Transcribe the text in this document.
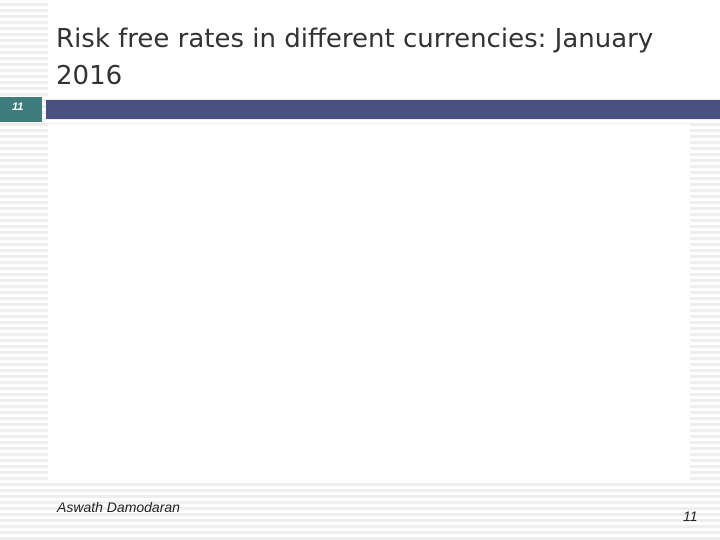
Risk free rates in different currencies: January 2016
11
Aswath Damodaran
11
